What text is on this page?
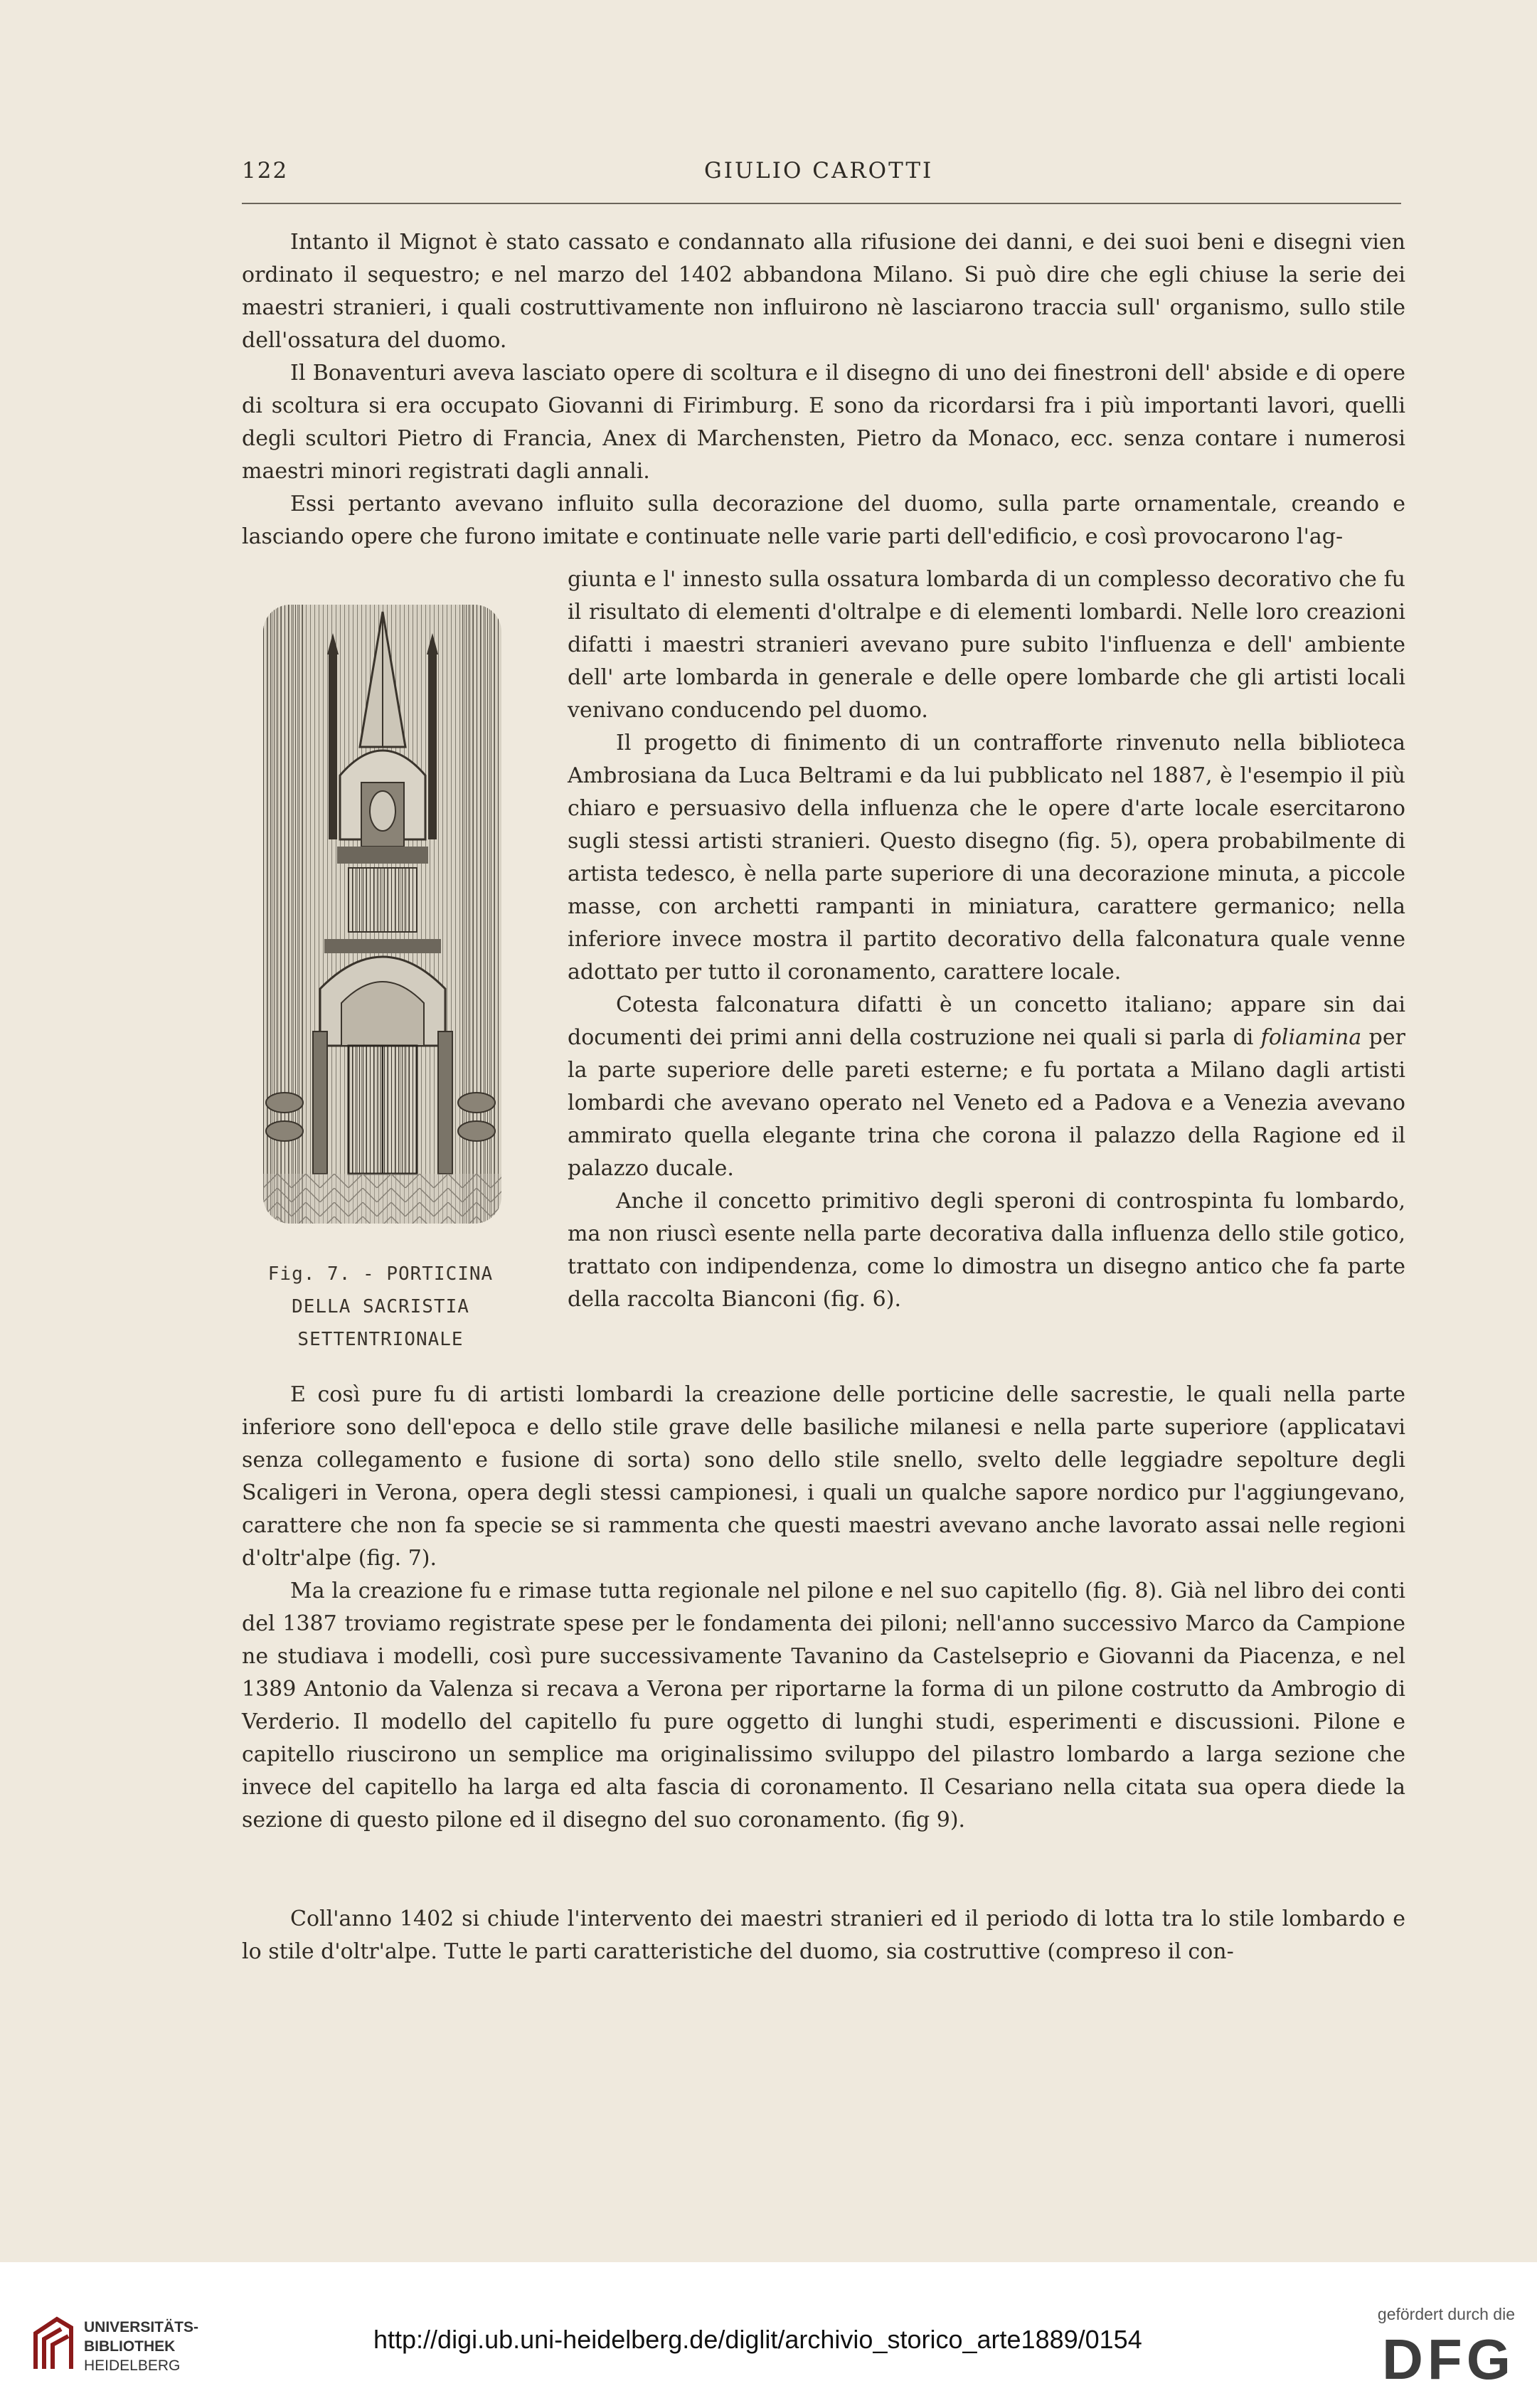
122	GIULIO CAROTTI

Intanto il Mignot è stato cassato e condannato alla rifusione dei danni, e dei suoi beni e disegni vien ordinato il sequestro; e nel marzo del 1402 abbandona Milano. Si può dire che egli chiuse la serie dei maestri stranieri, i quali costruttivamente non influirono nè lasciarono traccia sull' organismo, sullo stile dell'ossatura del duomo.

Il Bonaventuri aveva lasciato opere di scoltura e il disegno di uno dei finestroni dell' abside e di opere di scoltura si era occupato Giovanni di Firimburg. E sono da ricordarsi fra i più importanti lavori, quelli degli scultori Pietro di Francia, Anex di Marchensten, Pietro da Monaco, ecc. senza contare i numerosi maestri minori registrati dagli annali.

Essi pertanto avevano influito sulla decorazione del duomo, sulla parte ornamentale, creando e lasciando opere che furono imitate e continuate nelle varie parti dell'edificio, e così provocarono l'ag-

Fig. 7. - PORTICINA
DELLA SACRISTIA SETTENTRIONALE

giunta e l' innesto sulla ossatura lombarda di un complesso decorativo che fu il risultato di elementi d'oltralpe e di elementi lombardi. Nelle loro creazioni difatti i maestri stranieri avevano pure subito l'influenza e dell' ambiente dell' arte lombarda in generale e delle opere lombarde che gli artisti locali venivano conducendo pel duomo.

Il progetto di finimento di un contrafforte rinvenuto nella biblioteca Ambrosiana da Luca Beltrami e da lui pubblicato nel 1887, è l'esempio il più chiaro e persuasivo della influenza che le opere d'arte locale esercitarono sugli stessi artisti stranieri. Questo disegno (fig. 5), opera probabilmente di artista tedesco, è nella parte superiore di una decorazione minuta, a piccole masse, con archetti rampanti in miniatura, carattere germanico; nella inferiore invece mostra il partito decorativo della falconatura quale venne adottato per tutto il coronamento, carattere locale.

Cotesta falconatura difatti è un concetto italiano; appare sin dai documenti dei primi anni della costruzione nei quali si parla di foliamina per la parte superiore delle pareti esterne; e fu portata a Milano dagli artisti lombardi che avevano operato nel Veneto ed a Padova e a Venezia avevano ammirato quella elegante trina che corona il palazzo della Ragione ed il palazzo ducale.

Anche il concetto primitivo degli speroni di controspinta fu lombardo, ma non riuscì esente nella parte decorativa dalla influenza dello stile gotico, trattato con indipendenza, come lo dimostra un disegno antico che fa parte della raccolta Bianconi (fig. 6).

E così pure fu di artisti lombardi la creazione delle porticine delle sacrestie, le quali nella parte inferiore sono dell'epoca e dello stile grave delle basiliche milanesi e nella parte superiore (applicatavi senza collegamento e fusione di sorta) sono dello stile snello, svelto delle leggiadre sepolture degli Scaligeri in Verona, opera degli stessi campionesi, i quali un qualche sapore nordico pur l'aggiungevano, carattere che non fa specie se si rammenta che questi maestri avevano anche lavorato assai nelle regioni d'oltr'alpe (fig. 7).

Ma la creazione fu e rimase tutta regionale nel pilone e nel suo capitello (fig. 8). Già nel libro dei conti del 1387 troviamo registrate spese per le fondamenta dei piloni; nell'anno successivo Marco da Campione ne studiava i modelli, così pure successivamente Tavanino da Castelseprio e Giovanni da Piacenza, e nel 1389 Antonio da Valenza si recava a Verona per riportarne la forma di un pilone costrutto da Ambrogio di Verderio. Il modello del capitello fu pure oggetto di lunghi studi, esperimenti e discussioni. Pilone e capitello riuscirono un semplice ma originalissimo sviluppo del pilastro lombardo a larga sezione che invece del capitello ha larga ed alta fascia di coronamento. Il Cesariano nella citata sua opera diede la sezione di questo pilone ed il disegno del suo coronamento. (fig 9).

Coll'anno 1402 si chiude l'intervento dei maestri stranieri ed il periodo di lotta tra lo stile lombardo e lo stile d'oltr'alpe. Tutte le parti caratteristiche del duomo, sia costruttive (compreso il con-

UNIVERSITÄTS-
BIBLIOTHEK
HEIDELBERG
http://digi.ub.uni-heidelberg.de/diglit/archivio_storico_arte1889/0154
gefördert durch die
DFG
